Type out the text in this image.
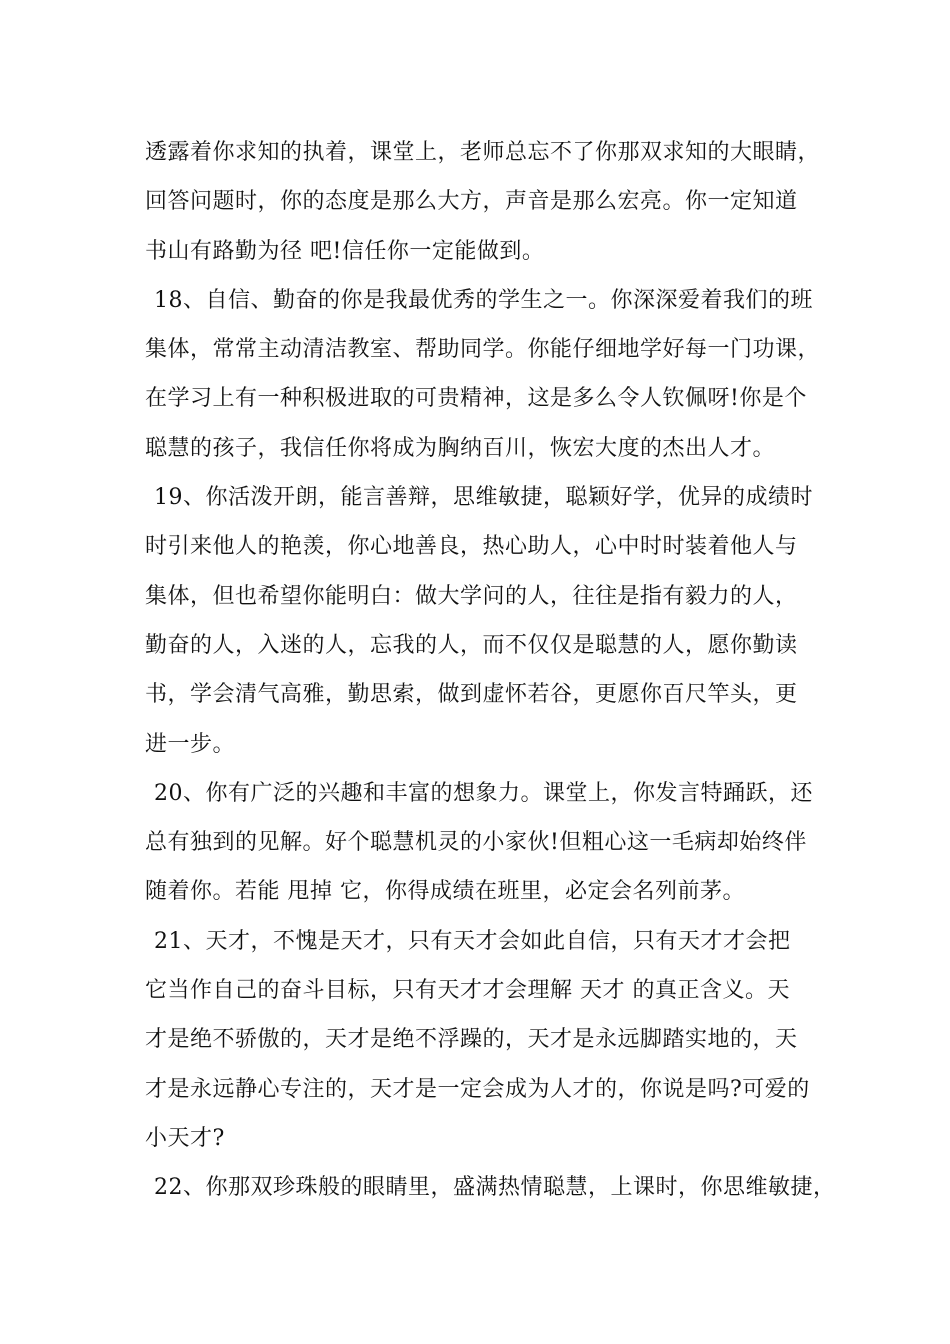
透露着你求知的执着，课堂上，老师总忘不了你那双求知的大眼睛，
回答问题时，你的态度是那么大方，声音是那么宏亮。你一定知道
书山有路勤为径 吧!信任你一定能做到。
18、自信、勤奋的你是我最优秀的学生之一。你深深爱着我们的班
集体，常常主动清洁教室、帮助同学。你能仔细地学好每一门功课，
在学习上有一种积极进取的可贵精神，这是多么令人钦佩呀!你是个
聪慧的孩子，我信任你将成为胸纳百川，恢宏大度的杰出人才。
19、你活泼开朗，能言善辩，思维敏捷，聪颖好学，优异的成绩时
时引来他人的艳羡，你心地善良，热心助人，心中时时装着他人与
集体，但也希望你能明白：做大学问的人，往往是指有毅力的人，
勤奋的人，入迷的人，忘我的人，而不仅仅是聪慧的人，愿你勤读
书，学会清气高雅，勤思索，做到虚怀若谷，更愿你百尺竿头，更
进一步。
20、你有广泛的兴趣和丰富的想象力。课堂上，你发言特踊跃，还
总有独到的见解。好个聪慧机灵的小家伙!但粗心这一毛病却始终伴
随着你。若能 甩掉 它，你得成绩在班里，必定会名列前茅。
21、天才，不愧是天才，只有天才会如此自信，只有天才才会把
它当作自己的奋斗目标，只有天才才会理解 天才 的真正含义。天
才是绝不骄傲的，天才是绝不浮躁的，天才是永远脚踏实地的，天
才是永远静心专注的，天才是一定会成为人才的，你说是吗?可爱的
小天才?
22、你那双珍珠般的眼睛里，盛满热情聪慧，上课时，你思维敏捷，
